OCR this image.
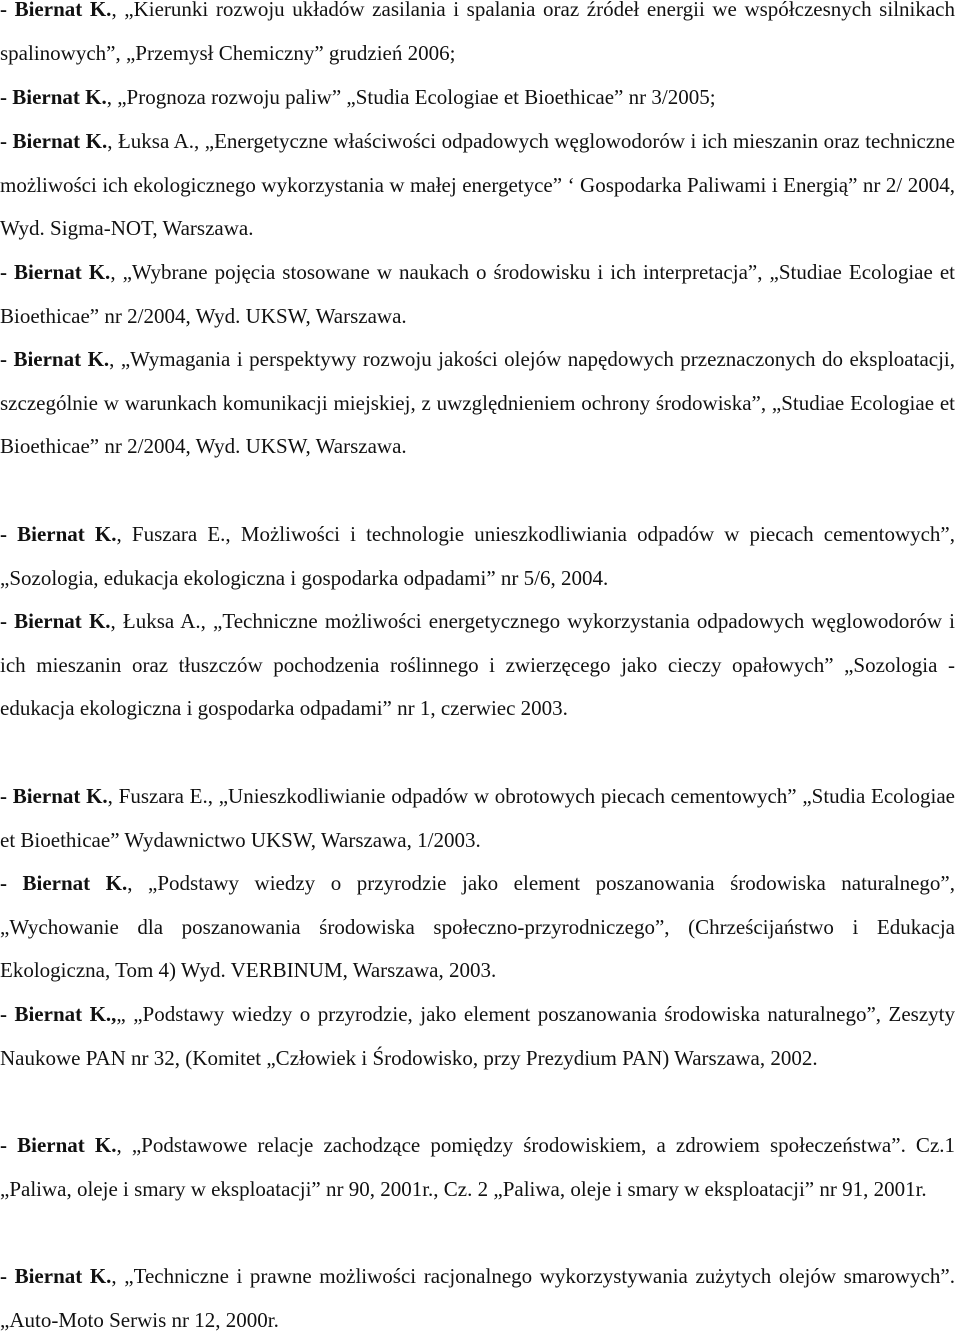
- Biernat K., „Kierunki rozwoju układów zasilania i spalania oraz źródeł energii we współczesnych silnikach spalinowych”, „Przemysł Chemiczny” grudzień 2006;
- Biernat K., „Prognoza rozwoju paliw” „Studia Ecologiae et Bioethicae” nr 3/2005;
- Biernat K., Łuksa A., „Energetyczne właściwości odpadowych węglowodorów i ich mieszanin oraz techniczne możliwości ich ekologicznego wykorzystania w małej energetyce” ‘ Gospodarka Paliwami i Energią” nr 2/ 2004, Wyd. Sigma-NOT, Warszawa.
- Biernat K., „Wybrane pojęcia stosowane w naukach o środowisku i ich interpretacja”, „Studiae Ecologiae et Bioethicae” nr 2/2004, Wyd. UKSW, Warszawa.
- Biernat K., „Wymagania i perspektywy rozwoju jakości olejów napędowych przeznaczonych do eksploatacji, szczególnie w warunkach komunikacji miejskiej, z uwzględnieniem ochrony środowiska”, „Studiae Ecologiae et Bioethicae” nr 2/2004, Wyd. UKSW, Warszawa.
- Biernat K., Fuszara E., Możliwości i technologie unieszkodliwiania odpadów w piecach cementowych”, „Sozologia, edukacja ekologiczna i gospodarka odpadami” nr 5/6, 2004.
- Biernat K., Łuksa A., „Techniczne możliwości energetycznego wykorzystania odpadowych węglowodorów i ich mieszanin oraz tłuszczów pochodzenia roślinnego i zwierzęcego jako cieczy opałowych” „Sozologia - edukacja ekologiczna i gospodarka odpadami” nr 1, czerwiec 2003.
- Biernat K., Fuszara E., „Unieszkodliwianie odpadów w obrotowych piecach cementowych” „Studia Ecologiae et Bioethicae” Wydawnictwo UKSW, Warszawa, 1/2003.
- Biernat K., „Podstawy wiedzy o przyrodzie jako element poszanowania środowiska naturalnego”, „Wychowanie dla poszanowania środowiska społeczno-przyrodniczego”, (Chrześcijaństwo i Edukacja Ekologiczna, Tom 4) Wyd. VERBINUM, Warszawa, 2003.
- Biernat K.,„ „Podstawy wiedzy o przyrodzie, jako element poszanowania środowiska naturalnego”, Zeszyty Naukowe PAN nr 32, (Komitet „Człowiek i Środowisko, przy Prezydium PAN) Warszawa, 2002.
- Biernat K., „Podstawowe relacje zachodzące pomiędzy środowiskiem, a zdrowiem społeczeństwa”. Cz.1 „Paliwa, oleje i smary w eksploatacji” nr 90, 2001r., Cz. 2 „Paliwa, oleje i smary w eksploatacji” nr 91, 2001r.
- Biernat K., „Techniczne i prawne możliwości racjonalnego wykorzystywania zużytych olejów smarowych”. „Auto-Moto Serwis nr 12, 2000r.
